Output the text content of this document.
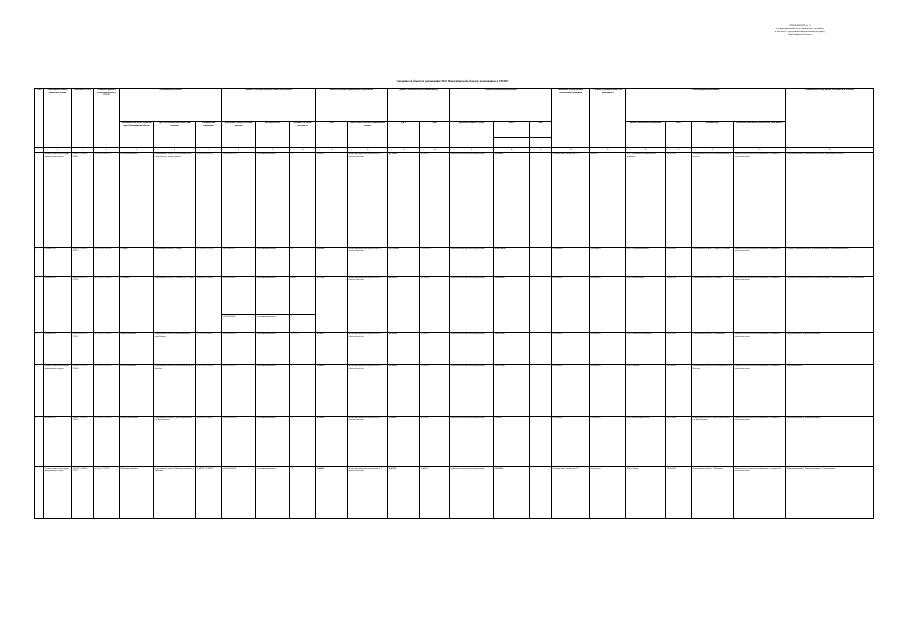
ПРИЛОЖЕНИЕ № 11
к территориальной схеме обращения с отходами,
в том числе с твердыми коммунальными отходами,
Новосибирской области
Сведения об объектах размещения ТКО Новосибирской области, включенных в ГРОРО
№ п/п	Наименование объекта размещения отходов	№ объекта в ГРОРО	Реквизиты приказа о включении объекта в ГРОРО	Местонахождение объекта			Данные о земельных участках, занятых под объектом			Количество отходов, принимаемых на размещение		Данные о состоянии объекта (заполненность)		Сведения о проектной документации			Заключение государственной экологической экспертизы	Сведения о наблюдательной сети (мониторинг)	Эксплуатирующая организация				Муниципальные образования, обслуживаемые объектом
				Муниципальный район (городской округ) Новосибирской области	Адрес местонахождения объекта (при наличии)	Географические координаты	Кадастровые номера земельных участков	Категория земель	Площадь земельных участков, га	тонн	Виды и классы опасности принимаемых отходов	куб.м	тонн	Проектная мощность / ресурс	куб.м	тонн			Краткое наименование организации	ИНН	почтовый адрес	реквизиты лицензии на осуществление деятельности	

1	2	3	4	5	6	7	8	9	10	11	12	13	14	15	16	17	18	19	20	21	22	23	24
1	Полигон захоронения твердых коммунальных отходов	54-00013-З-00068-280815	№ 566 от 28.08.2015	Болотнинский район	Новосибирская область, Болотнинский район, город Болотное, улица Стоишева	55.696914 84.427800	54:03:000000:1154	земли промышленности	2.9	21 287.35	отходы производства и потребления IV, V классов опасности	112 118.00	42 234.00	самостоятельная проектная документация	300 000.00		Положительное заключение ГЭЭ	Имеется	МУП «Болотнинское коммунальное хозяйство»	5413113556	Новосибирская область, Болотнинский район, г. Болотное	Лицензия на деятельность по обращению с отходами I-IV классов опасности	Болотнинский район, Болотнинский сельсовет, Карасевский сельсовет
2	Полигон ТБО	54-00027-З-00078-010814	№ 479 от 01.08.2014	г. Бердск	Новосибирская область, г. Бердск	54.747166 83.133124	54:32:000000:17	земли промышленности	19.7	42 430.90	отходы производства и потребления IV, V классов опасности	1 671 542.00	1 152 290.55	самостоятельная проектная документация	10 895 540.00		Отсутствует	Отсутствует	МУП «Спецавтохозяйство»	5445009999	Новосибирская область, г. Бердск, ул. Зеленая	Лицензия на деятельность по обращению с отходами I-IV классов опасности	г. Бердск, Искитимский район, Новосибирский район, Черепановский район
3	Полигон ТБО	54-00028-З-00173-270316	№ 173 от 27.03.2016	г. Искитим	Новосибирская область, г. Искитим, ул. Степная	54.634000 83.349043	54:33:000000:88	земли промышленности	8.8000	35 373.03	отходы производства и потребления IV, V классов опасности	260 097.00	150 000.00	самостоятельная проектная документация	3 198 000.00		Отсутствует	Отсутствует	ООО «Чистый город»	5446015396	Новосибирская область, г. Искитим	Лицензия на деятельность по обращению с отходами I-IV классов опасности	г. Искитим, Искитимский район, Маслянинский район, Черепановский район, Сузунский район
							54:33:000000:83	земли промышленности	2														
4	Полигон ТБО	54-00029-З-00173-270316	№ 173 от 27.03.2016	Карасукский район	Новосибирская область, Карасукский район, город Карасук	53.738150 78.046775	54:09:000000:127	земли промышленности	11.1 (5.3)	20 148.72	отходы производства и потребления IV, V классов опасности	129 981.00	50 000.00	самостоятельная проектная документация	1 095 219.00		Отсутствует	Отсутствует	ООО «Экология Новосибирск»	5422723000	Новосибирская область, г. Новосибирск	Лицензия на деятельность по обращению с отходами I-IV классов опасности	Карасукский район, Краснозерский район
5	Полигон захоронения твердых коммунальных отходов	54-00035-З-00292-270814	№ 292 от 27.08.2014	Коченевский район	Новосибирская область, Коченевский район, р.п. Коченево	55.022780 82.196961	54:11:017401:58	земли промышленности	5	15 948.24	отходы производства и потребления IV, V классов опасности	229 487.00	170 629.00	самостоятельная проектная документация	1 232 738.00		Отсутствует	Отсутствует	ООО «Экоград»	5425000000	Новосибирская область, Коченевский район, р.п. Коченево	Лицензия на деятельность по обращению с отходами I-IV классов опасности	Коченевский район
6	Полигон ТБО	54-00037-З-00292-270814	№ 292 от 27.08.2014	Краснозерский район	Новосибирская область, Краснозерский район, р.п. Краснозерское	53.991699 79.266676	54:13:000000:194	земли промышленности	2.2	16 329.61	отходы производства и потребления IV, V классов опасности	72 950.00	50 211.00	самостоятельная проектная документация	2 532.30		Отсутствует	Отсутствует	МУП «Краснозерское ЖКХ»	5427100044	Новосибирская область, Краснозерский район, р.п. Краснозерское	Лицензия на деятельность по обращению с отходами I-IV классов опасности	Краснозерский район, Карасукский район
7	Полигон захоронения твердых коммунальных отходов	54-00057-З-00034-270117	№ 34 от 27.01.2017	Куйбышевский район	Новосибирская область, Куйбышевский район, г. Куйбышев	55.460827 78.407899	54:14:000000:407	земли промышленности	7.6	74 646.82	отходы производства и потребления IV, V классов опасности	56 857.00	15 000.00	самостоятельная проектная документация	520 202.00		Положительное заключение ГЭЭ	Отсутствует	ООО «Экобор»	5452000009	Новосибирская область, г. Куйбышев	Лицензия на деятельность по обращению с отходами I-IV классов опасности	Куйбышевский район, Барабинский район, Северный район
